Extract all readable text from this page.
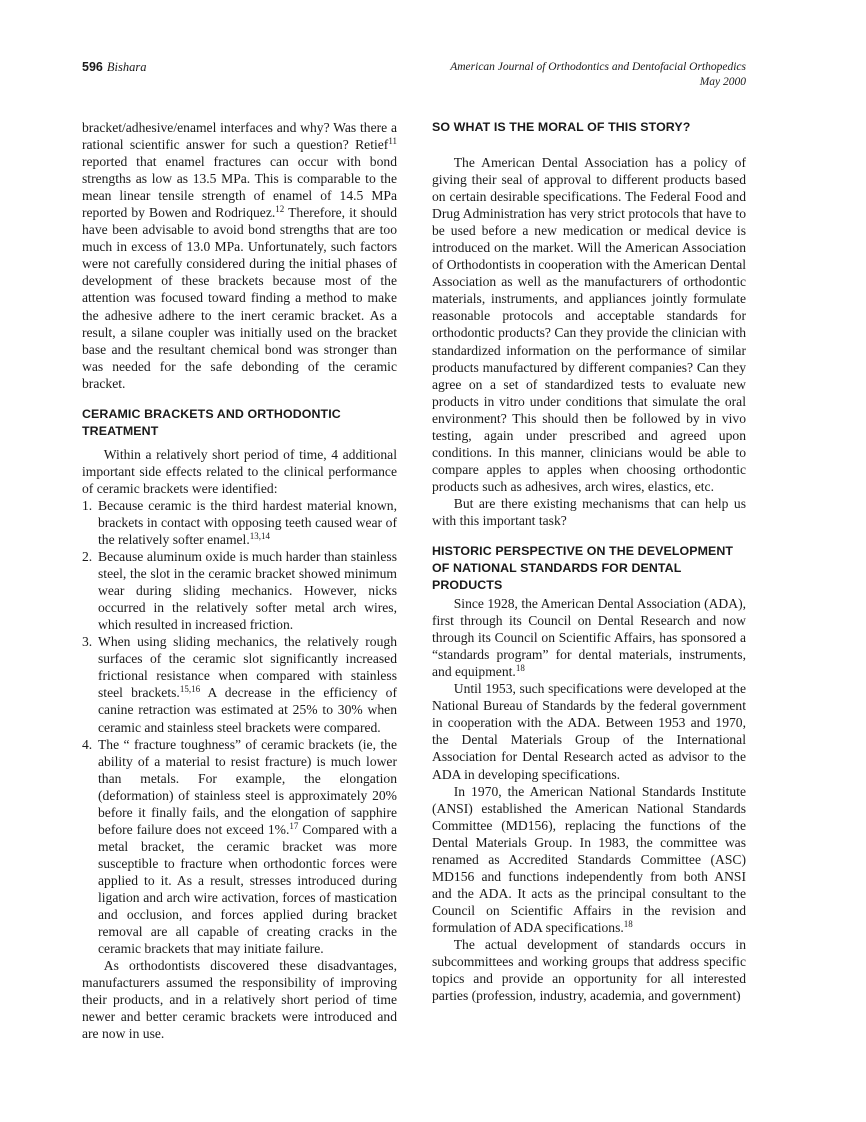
596 Bishara	American Journal of Orthodontics and Dentofacial Orthopedics
May 2000

bracket/adhesive/enamel interfaces and why? Was there a rational scientific answer for such a question? Retief$^{11}$ reported that enamel fractures can occur with bond strengths as low as 13.5 MPa. This is comparable to the mean linear tensile strength of enamel of 14.5 MPa reported by Bowen and Rodriquez.$^{12}$ Therefore, it should have been advisable to avoid bond strengths that are too much in excess of 13.0 MPa. Unfortunately, such factors were not carefully considered during the initial phases of development of these brackets because most of the attention was focused toward finding a method to make the adhesive adhere to the inert ceramic bracket. As a result, a silane coupler was initially used on the bracket base and the resultant chemical bond was stronger than was needed for the safe debonding of the ceramic bracket.

CERAMIC BRACKETS AND ORTHODONTIC TREATMENT

Within a relatively short period of time, 4 additional important side effects related to the clinical performance of ceramic brackets were identified:

1. Because ceramic is the third hardest material known, brackets in contact with opposing teeth caused wear of the relatively softer enamel.$^{13,14}$
2. Because aluminum oxide is much harder than stainless steel, the slot in the ceramic bracket showed minimum wear during sliding mechanics. However, nicks occurred in the relatively softer metal arch wires, which resulted in increased friction.
3. When using sliding mechanics, the relatively rough surfaces of the ceramic slot significantly increased frictional resistance when compared with stainless steel brackets.$^{15,16}$ A decrease in the efficiency of canine retraction was estimated at 25% to 30% when ceramic and stainless steel brackets were compared.
4. The “ fracture toughness” of ceramic brackets (ie, the ability of a material to resist fracture) is much lower than metals. For example, the elongation (deformation) of stainless steel is approximately 20% before it finally fails, and the elongation of sapphire before failure does not exceed 1%.$^{17}$ Compared with a metal bracket, the ceramic bracket was more susceptible to fracture when orthodontic forces were applied to it. As a result, stresses introduced during ligation and arch wire activation, forces of mastication and occlusion, and forces applied during bracket removal are all capable of creating cracks in the ceramic brackets that may initiate failure.

As orthodontists discovered these disadvantages, manufacturers assumed the responsibility of improving their products, and in a relatively short period of time newer and better ceramic brackets were introduced and are now in use.

SO WHAT IS THE MORAL OF THIS STORY?

The American Dental Association has a policy of giving their seal of approval to different products based on certain desirable specifications. The Federal Food and Drug Administration has very strict protocols that have to be used before a new medication or medical device is introduced on the market. Will the American Association of Orthodontists in cooperation with the American Dental Association as well as the manufacturers of orthodontic materials, instruments, and appliances jointly formulate reasonable protocols and acceptable standards for orthodontic products? Can they provide the clinician with standardized information on the performance of similar products manufactured by different companies? Can they agree on a set of standardized tests to evaluate new products in vitro under conditions that simulate the oral environment? This should then be followed by in vivo testing, again under prescribed and agreed upon conditions. In this manner, clinicians would be able to compare apples to apples when choosing orthodontic products such as adhesives, arch wires, elastics, etc.

But are there existing mechanisms that can help us with this important task?

HISTORIC PERSPECTIVE ON THE DEVELOPMENT OF NATIONAL STANDARDS FOR DENTAL PRODUCTS

Since 1928, the American Dental Association (ADA), first through its Council on Dental Research and now through its Council on Scientific Affairs, has sponsored a “standards program” for dental materials, instruments, and equipment.$^{18}$

Until 1953, such specifications were developed at the National Bureau of Standards by the federal government in cooperation with the ADA. Between 1953 and 1970, the Dental Materials Group of the International Association for Dental Research acted as advisor to the ADA in developing specifications.

In 1970, the American National Standards Institute (ANSI) established the American National Standards Committee (MD156), replacing the functions of the Dental Materials Group. In 1983, the committee was renamed as Accredited Standards Committee (ASC) MD156 and functions independently from both ANSI and the ADA. It acts as the principal consultant to the Council on Scientific Affairs in the revision and formulation of ADA specifications.$^{18}$

The actual development of standards occurs in subcommittees and working groups that address specific topics and provide an opportunity for all interested parties (profession, industry, academia, and government)
